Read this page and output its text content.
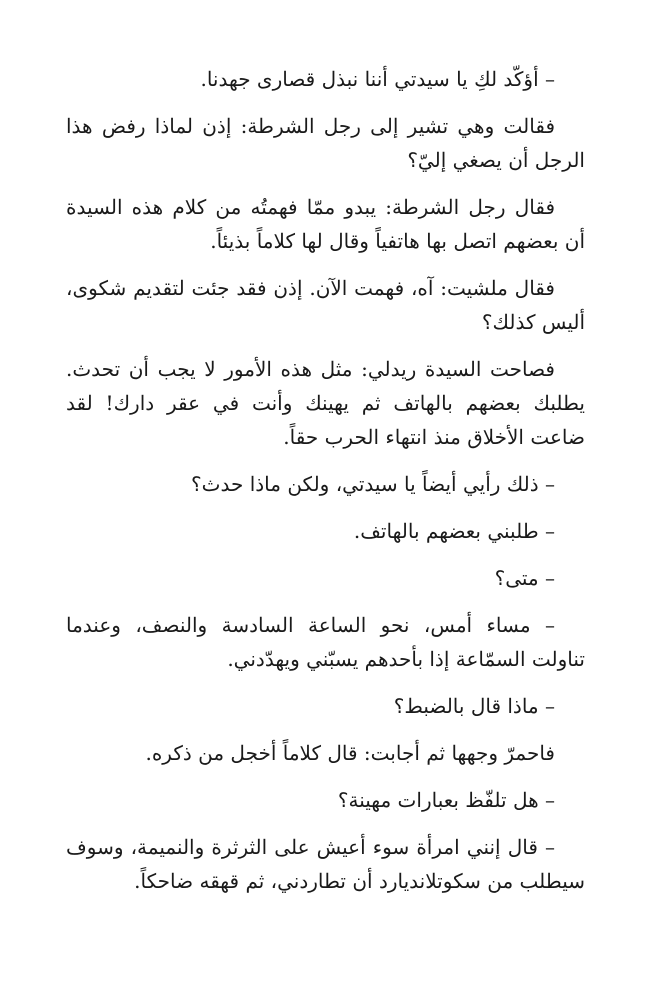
– أؤكّد لكِ يا سيدتي أننا نبذل قصارى جهدنا.

فقالت وهي تشير إلى رجل الشرطة: إذن لماذا رفض هذا الرجل أن يصغي إليّ؟

فقال رجل الشرطة: يبدو ممّا فهمتُه من كلام هذه السيدة أن بعضهم اتصل بها هاتفياً وقال لها كلاماً بذيئاً.

فقال ملشيت: آه، فهمت الآن. إذن فقد جئت لتقديم شكوى، أليس كذلك؟

فصاحت السيدة ريدلي: مثل هذه الأمور لا يجب أن تحدث. يطلبك بعضهم بالهاتف ثم يهينك وأنت في عقر دارك! لقد ضاعت الأخلاق منذ انتهاء الحرب حقاً.

– ذلك رأيي أيضاً يا سيدتي، ولكن ماذا حدث؟

– طلبني بعضهم بالهاتف.

– متى؟

– مساء أمس، نحو الساعة السادسة والنصف، وعندما تناولت السمّاعة إذا بأحدهم يسبّني ويهدّدني.

– ماذا قال بالضبط؟

فاحمرّ وجهها ثم أجابت: قال كلاماً أخجل من ذكره.

– هل تلفّظ بعبارات مهينة؟

– قال إنني امرأة سوء أعيش على الثرثرة والنميمة، وسوف سيطلب من سكوتلانديارد أن تطاردني، ثم قهقه ضاحكاً.
